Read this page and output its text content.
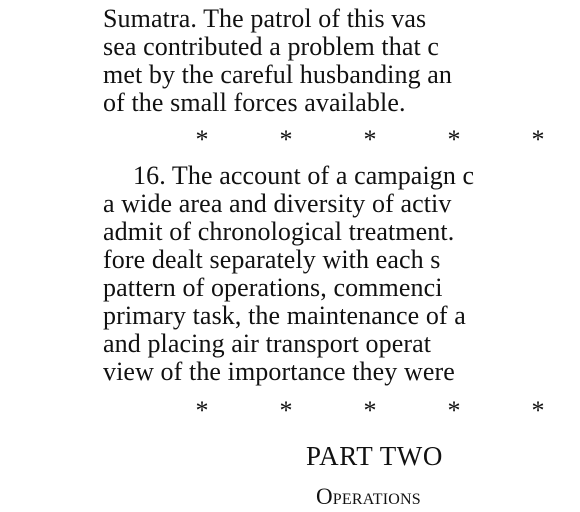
Sumatra. The patrol of this vas
sea contributed a problem that c
met by the careful husbanding an
of the small forces available.
*	*	*	*	*
16. The account of a campaign c
a wide area and diversity of activ
admit of chronological treatment.
fore dealt separately with each s
pattern of operations, commenci
primary task, the maintenance of a
and placing air transport operat
view of the importance they were
*	*	*	*	*
PART TWO
Operations
